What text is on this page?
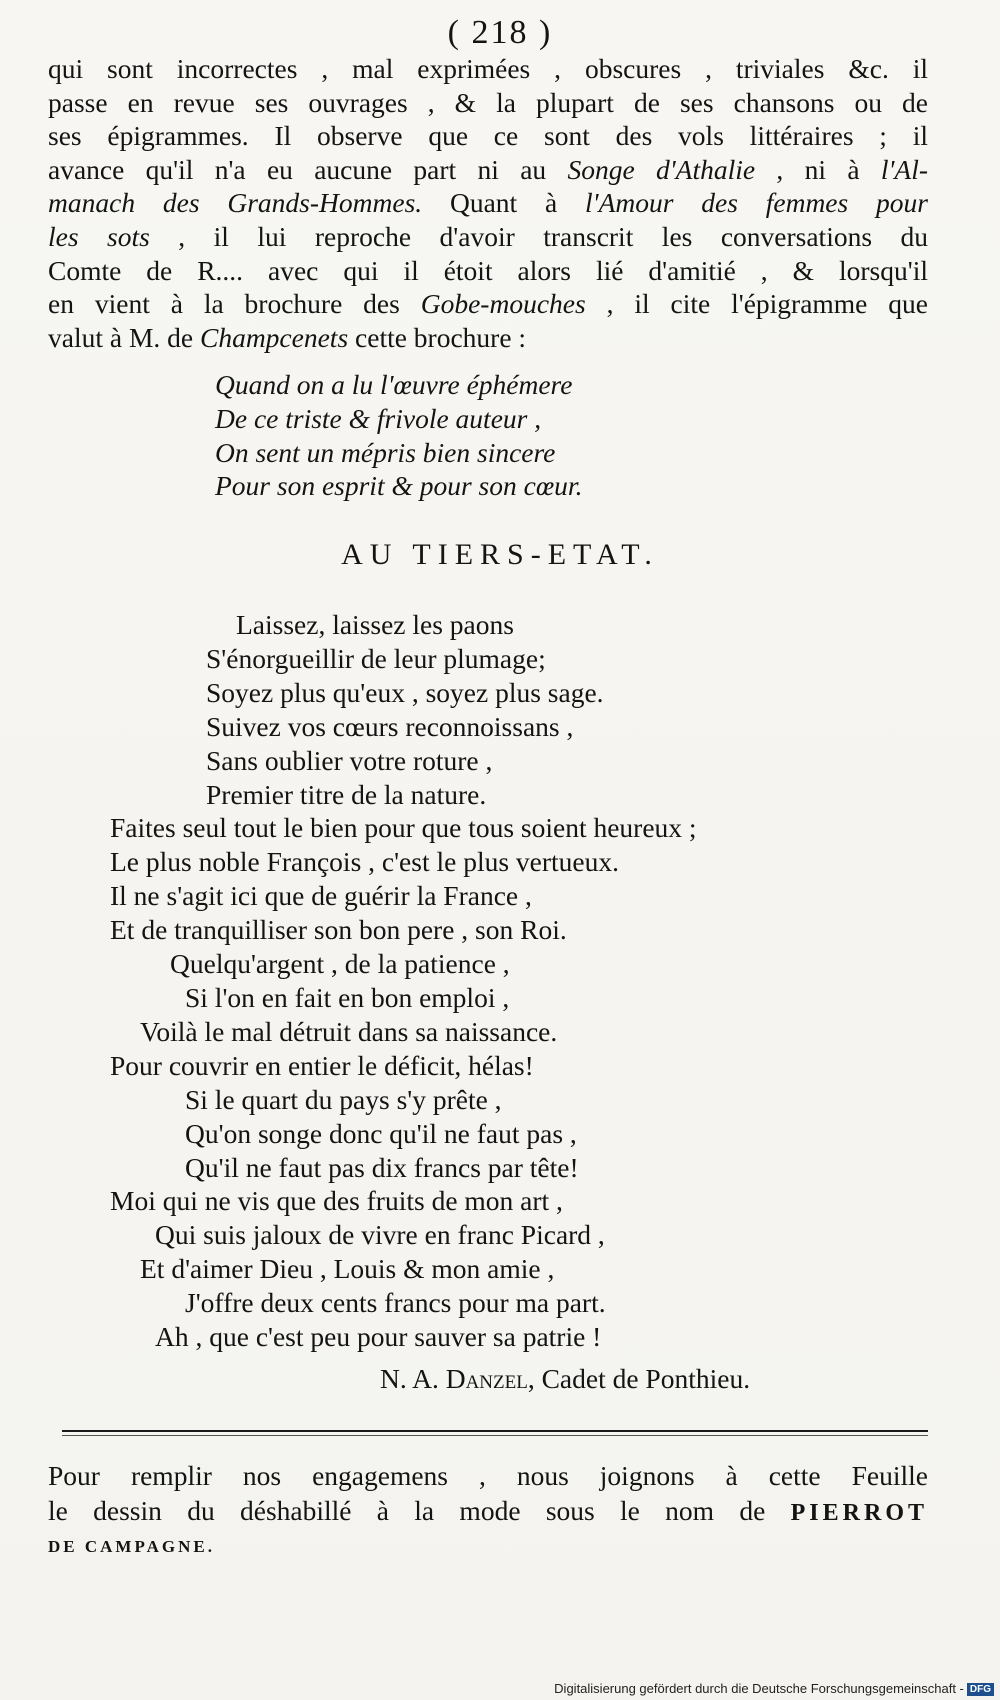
( 218 )
qui sont incorrectes , mal exprimées , obscures , triviales &c. il
passe en revue ses ouvrages , & la plupart de ses chansons ou de
ses épigrammes. Il observe que ce sont des vols littéraires ; il
avance qu'il n'a eu aucune part ni au Songe d'Athalie , ni à l'Al-
manach des Grands-Hommes. Quant à l'Amour des femmes pour
les sots , il lui reproche d'avoir transcrit les conversations du
Comte de R.... avec qui il étoit alors lié d'amitié , & lorsqu'il
en vient à la brochure des Gobe-mouches , il cite l'épigramme que
valut à M. de Champcenets cette brochure :
Quand on a lu l'œuvre éphémere
De ce triste & frivole auteur ,
On sent un mépris bien sincere
Pour son esprit & pour son cœur.
AU TIERS-ETAT.
Laissez, laissez les paons
S'énorgueillir de leur plumage;
Soyez plus qu'eux , soyez plus sage.
Suivez vos cœurs reconnoissans ,
Sans oublier votre roture ,
Premier titre de la nature.
Faites seul tout le bien pour que tous soient heureux ;
Le plus noble François , c'est le plus vertueux.
Il ne s'agit ici que de guérir la France ,
Et de tranquilliser son bon pere , son Roi.
Quelqu'argent , de la patience ,
Si l'on en fait en bon emploi ,
Voilà le mal détruit dans sa naissance.
Pour couvrir en entier le déficit, hélas!
Si le quart du pays s'y prête ,
Qu'on songe donc qu'il ne faut pas ,
Qu'il ne faut pas dix francs par tête!
Moi qui ne vis que des fruits de mon art ,
Qui suis jaloux de vivre en franc Picard ,
Et d'aimer Dieu , Louis & mon amie ,
J'offre deux cents francs pour ma part.
Ah , que c'est peu pour sauver sa patrie !
N. A. Danzel, Cadet de Ponthieu.
Pour remplir nos engagemens , nous joignons à cette Feuille
le dessin du déshabillé à la mode sous le nom de PIERROT
DE CAMPAGNE.
Digitalisierung gefördert durch die Deutsche Forschungsgemeinschaft - DFG
